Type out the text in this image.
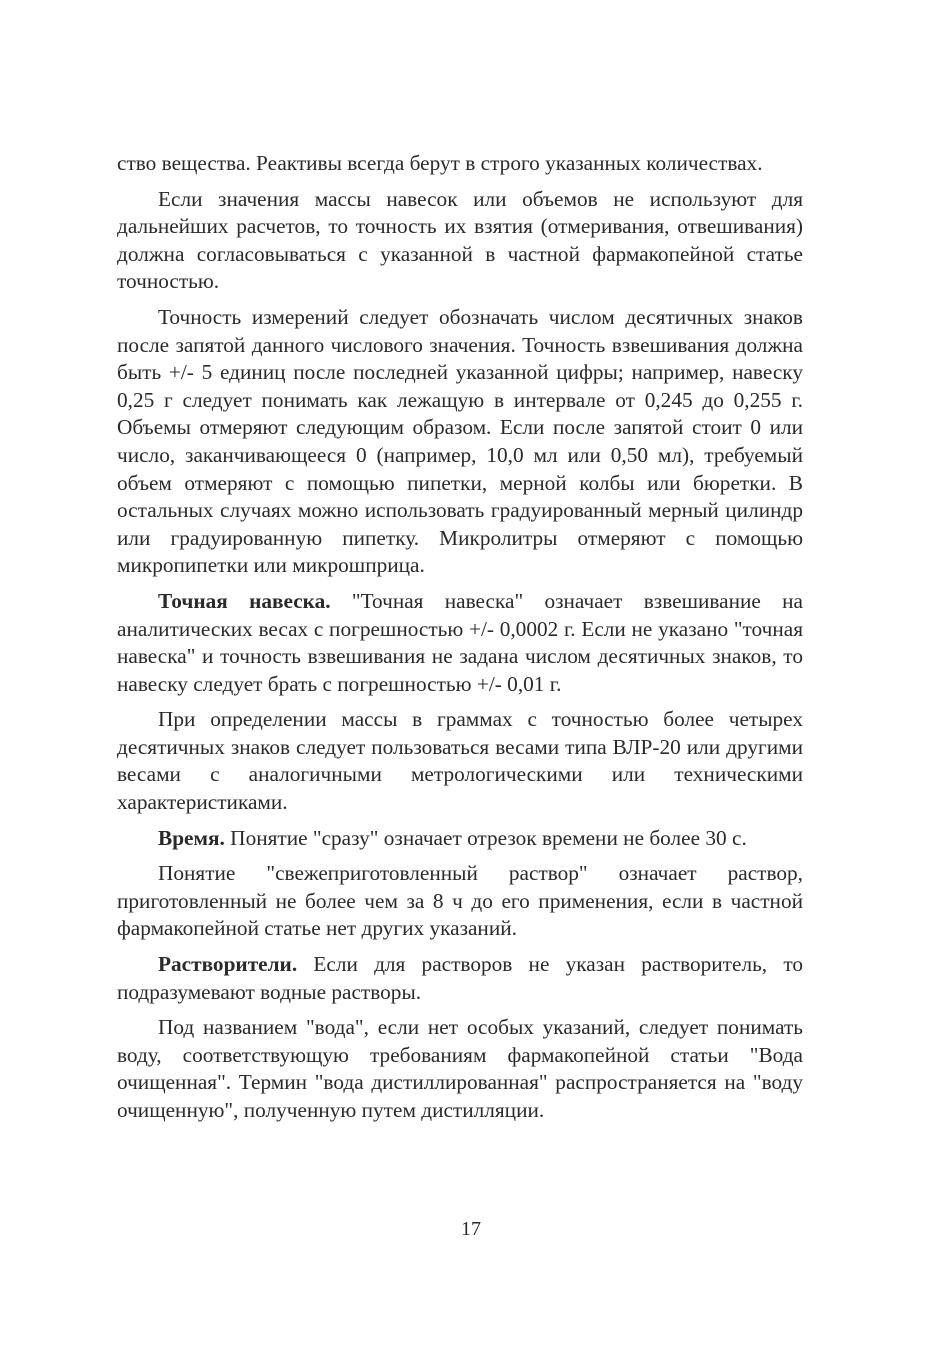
ство вещества. Реактивы всегда берут в строго указанных количествах.

Если значения массы навесок или объемов не используют для дальнейших расчетов, то точность их взятия (отмеривания, отвешивания) должна согласовываться с указанной в частной фармакопейной статье точностью.

Точность измерений следует обозначать числом десятичных знаков после запятой данного числового значения. Точность взвешивания должна быть +/- 5 единиц после последней указанной цифры; например, навеску 0,25 г следует понимать как лежащую в интервале от 0,245 до 0,255 г. Объемы отмеряют следующим образом. Если после запятой стоит 0 или число, заканчивающееся 0 (например, 10,0 мл или 0,50 мл), требуемый объем отмеряют с помощью пипетки, мерной колбы или бюретки. В остальных случаях можно использовать градуированный мерный цилиндр или градуированную пипетку. Микролитры отмеряют с помощью микропипетки или микрошприца.

Точная навеска. "Точная навеска" означает взвешивание на аналитических весах с погрешностью +/- 0,0002 г. Если не указано "точная навеска" и точность взвешивания не задана числом десятичных знаков, то навеску следует брать с погрешностью +/- 0,01 г.

При определении массы в граммах с точностью более четырех десятичных знаков следует пользоваться весами типа ВЛР-20 или другими весами с аналогичными метрологическими или техническими характеристиками.

Время. Понятие "сразу" означает отрезок времени не более 30 с.

Понятие "свежеприготовленный раствор" означает раствор, приготовленный не более чем за 8 ч до его применения, если в частной фармакопейной статье нет других указаний.

Растворители. Если для растворов не указан растворитель, то подразумевают водные растворы.

Под названием "вода", если нет особых указаний, следует понимать воду, соответствующую требованиям фармакопейной статьи "Вода очищенная". Термин "вода дистиллированная" распространяется на "воду очищенную", полученную путем дистилляции.

17
